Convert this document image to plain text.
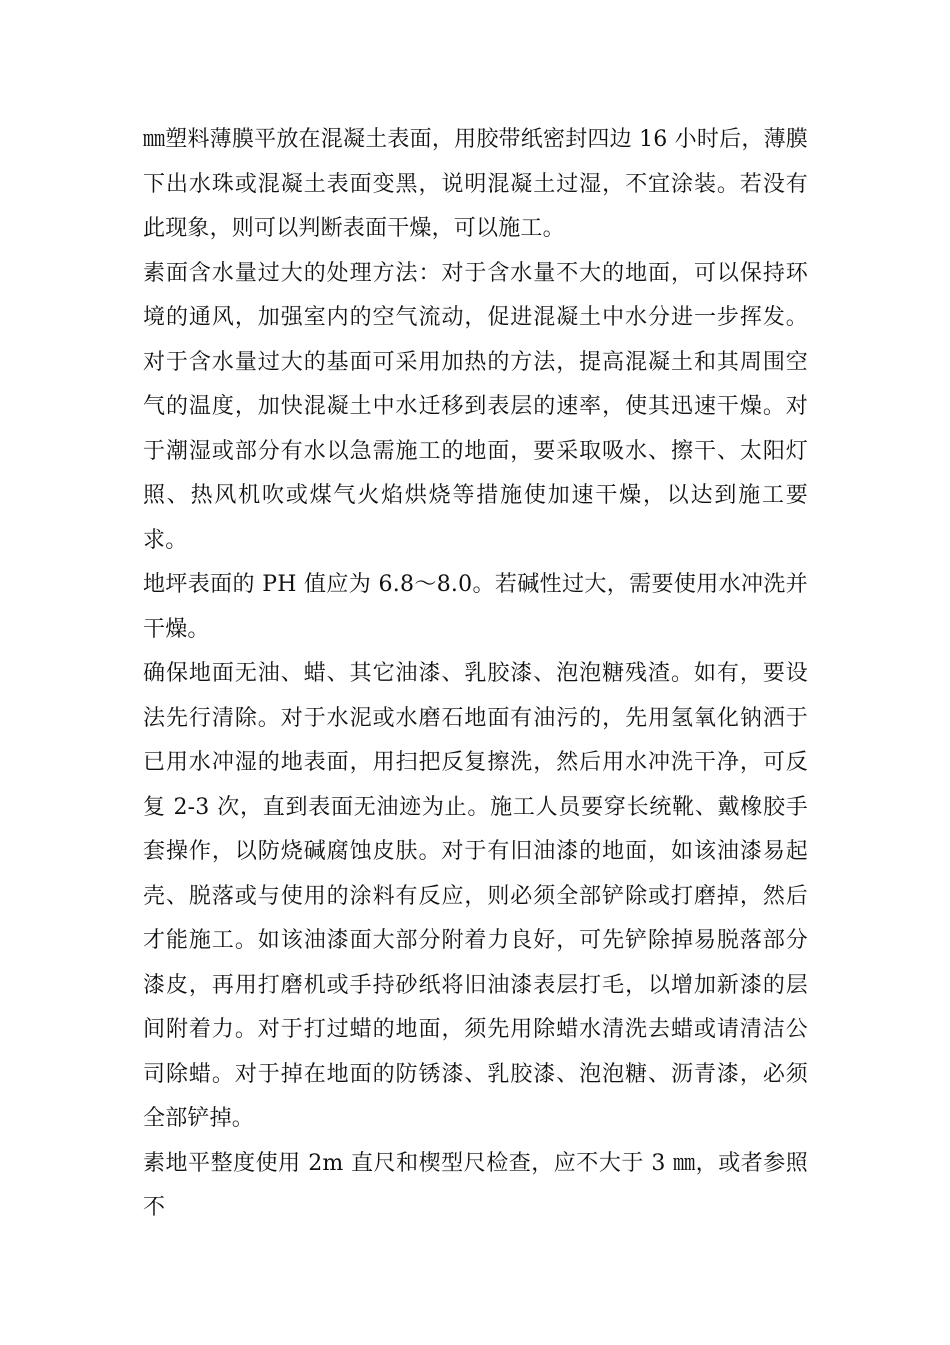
㎜塑料薄膜平放在混凝土表面，用胶带纸密封四边 16 小时后，薄膜下出水珠或混凝土表面变黑，说明混凝土过湿，不宜涂装。若没有此现象，则可以判断表面干燥，可以施工。

素面含水量过大的处理方法：对于含水量不大的地面，可以保持环境的通风，加强室内的空气流动，促进混凝土中水分进一步挥发。对于含水量过大的基面可采用加热的方法，提高混凝土和其周围空气的温度，加快混凝土中水迁移到表层的速率，使其迅速干燥。对于潮湿或部分有水以急需施工的地面，要采取吸水、擦干、太阳灯照、热风机吹或煤气火焰烘烧等措施使加速干燥，以达到施工要求。

地坪表面的 PH 值应为 6.8～8.0。若碱性过大，需要使用水冲洗并干燥。

确保地面无油、蜡、其它油漆、乳胶漆、泡泡糖残渣。如有，要设法先行清除。对于水泥或水磨石地面有油污的，先用氢氧化钠洒于已用水冲湿的地表面，用扫把反复擦洗，然后用水冲洗干净，可反复 2-3 次，直到表面无油迹为止。施工人员要穿长统靴、戴橡胶手套操作，以防烧碱腐蚀皮肤。对于有旧油漆的地面，如该油漆易起壳、脱落或与使用的涂料有反应，则必须全部铲除或打磨掉，然后才能施工。如该油漆面大部分附着力良好，可先铲除掉易脱落部分漆皮，再用打磨机或手持砂纸将旧油漆表层打毛，以增加新漆的层间附着力。对于打过蜡的地面，须先用除蜡水清洗去蜡或请清洁公司除蜡。对于掉在地面的防锈漆、乳胶漆、泡泡糖、沥青漆，必须全部铲掉。

素地平整度使用 2m 直尺和楔型尺检查，应不大于 3 ㎜，或者参照不
